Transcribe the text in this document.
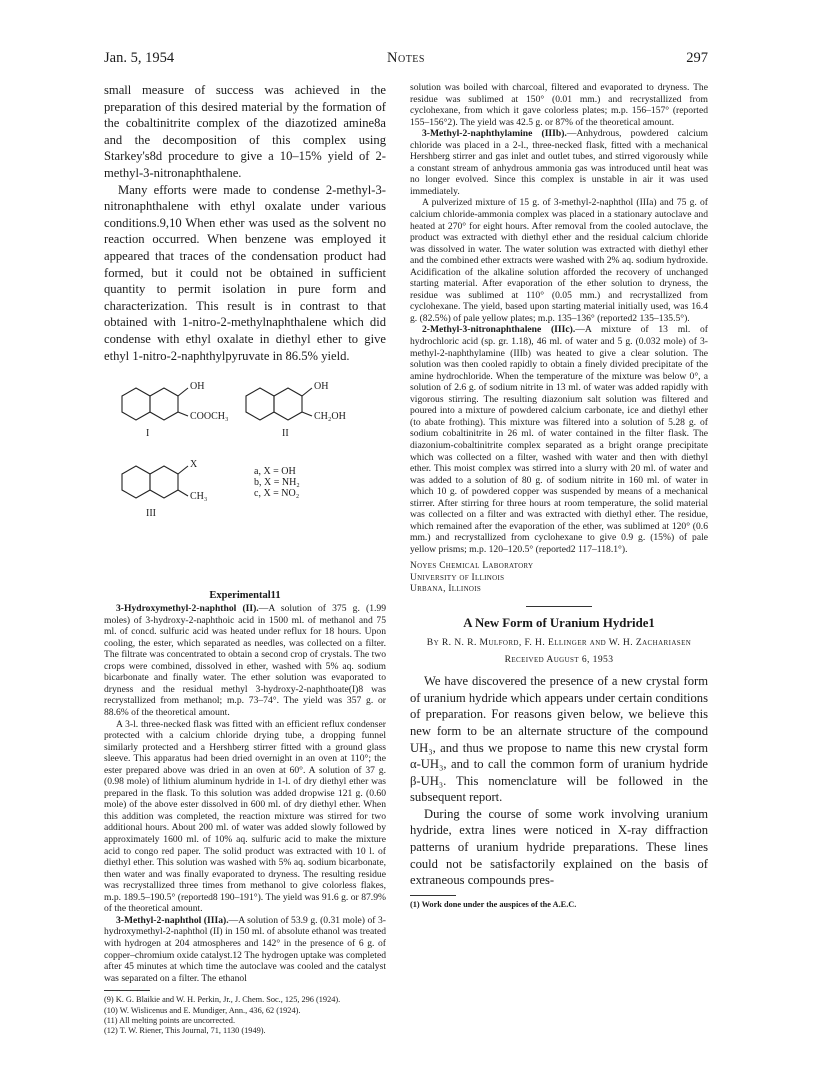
Jan. 5, 1954	Notes	297

small measure of success was achieved in the preparation of this desired material by the formation of the cobaltinitrite complex of the diazotized amine8a and the decomposition of this complex using Starkey's8d procedure to give a 10–15% yield of 2-methyl-3-nitronaphthalene.

Many efforts were made to condense 2-methyl-3-nitronaphthalene with ethyl oxalate under various conditions.9,10 When ether was used as the solvent no reaction occurred. When benzene was employed it appeared that traces of the condensation product had formed, but it could not be obtained in sufficient quantity to permit isolation in pure form and characterization. This result is in contrast to that obtained with 1-nitro-2-methylnaphthalene which did condense with ethyl oxalate in diethyl ether to give ethyl 1-nitro-2-naphthylpyruvate in 86.5% yield.

OH
COOCH₃
I
OH
CH₂OH
II
X
CH₃
III
a, X = OH
b, X = NH₂
c, X = NO₂
Experimental11

3-Hydroxymethyl-2-naphthol (II).—A solution of 375 g. (1.99 moles) of 3-hydroxy-2-naphthoic acid in 1500 ml. of methanol and 75 ml. of concd. sulfuric acid was heated under reflux for 18 hours. Upon cooling, the ester, which separated as needles, was collected on a filter. The filtrate was concentrated to obtain a second crop of crystals. The two crops were combined, dissolved in ether, washed with 5% aq. sodium bicarbonate and finally water. The ether solution was evaporated to dryness and the residual methyl 3-hydroxy-2-naphthoate(I)8 was recrystallized from methanol; m.p. 73–74°. The yield was 357 g. or 88.6% of the theoretical amount.

A 3-l. three-necked flask was fitted with an efficient reflux condenser protected with a calcium chloride drying tube, a dropping funnel similarly protected and a Hershberg stirrer fitted with a ground glass sleeve. This apparatus had been dried overnight in an oven at 110°; the ester prepared above was dried in an oven at 60°. A solution of 37 g. (0.98 mole) of lithium aluminum hydride in 1-l. of dry diethyl ether was prepared in the flask. To this solution was added dropwise 121 g. (0.60 mole) of the above ester dissolved in 600 ml. of dry diethyl ether. When this addition was completed, the reaction mixture was stirred for two additional hours. About 200 ml. of water was added slowly followed by approximately 1600 ml. of 10% aq. sulfuric acid to make the mixture acid to congo red paper. The solid product was extracted with 10 l. of diethyl ether. This solution was washed with 5% aq. sodium bicarbonate, then water and was finally evaporated to dryness. The resulting residue was recrystallized three times from methanol to give colorless flakes, m.p. 189.5–190.5° (reported8 190–191°). The yield was 91.6 g. or 87.9% of the theoretical amount.

3-Methyl-2-naphthol (IIIa).—A solution of 53.9 g. (0.31 mole) of 3-hydroxymethyl-2-naphthol (II) in 150 ml. of absolute ethanol was treated with hydrogen at 204 atmospheres and 142° in the presence of 6 g. of copper–chromium oxide catalyst.12 The hydrogen uptake was completed after 45 minutes at which time the autoclave was cooled and the catalyst was separated on a filter. The ethanol

(9) K. G. Blaikie and W. H. Perkin, Jr., J. Chem. Soc., 125, 296 (1924).
(10) W. Wislicenus and E. Mundiger, Ann., 436, 62 (1924).
(11) All melting points are uncorrected.
(12) T. W. Riener, This Journal, 71, 1130 (1949).

solution was boiled with charcoal, filtered and evaporated to dryness. The residue was sublimed at 150° (0.01 mm.) and recrystallized from cyclohexane, from which it gave colorless plates; m.p. 156–157° (reported 155–156°2). The yield was 42.5 g. or 87% of the theoretical amount.

3-Methyl-2-naphthylamine (IIIb).—Anhydrous, powdered calcium chloride was placed in a 2-l., three-necked flask, fitted with a mechanical Hershberg stirrer and gas inlet and outlet tubes, and stirred vigorously while a constant stream of anhydrous ammonia gas was introduced until heat was no longer evolved. Since this complex is unstable in air it was used immediately.

A pulverized mixture of 15 g. of 3-methyl-2-naphthol (IIIa) and 75 g. of calcium chloride-ammonia complex was placed in a stationary autoclave and heated at 270° for eight hours. After removal from the cooled autoclave, the product was extracted with diethyl ether and the residual calcium chloride was dissolved in water. The water solution was extracted with diethyl ether and the combined ether extracts were washed with 2% aq. sodium hydroxide. Acidification of the alkaline solution afforded the recovery of unchanged starting material. After evaporation of the ether solution to dryness, the residue was sublimed at 110° (0.05 mm.) and recrystallized from cyclohexane. The yield, based upon starting material initially used, was 16.4 g. (82.5%) of pale yellow plates; m.p. 135–136° (reported2 135–135.5°).

2-Methyl-3-nitronaphthalene (IIIc).—A mixture of 13 ml. of hydrochloric acid (sp. gr. 1.18), 46 ml. of water and 5 g. (0.032 mole) of 3-methyl-2-naphthylamine (IIIb) was heated to give a clear solution. The solution was then cooled rapidly to obtain a finely divided precipitate of the amine hydrochloride. When the temperature of the mixture was below 0°, a solution of 2.6 g. of sodium nitrite in 13 ml. of water was added rapidly with vigorous stirring. The resulting diazonium salt solution was filtered and poured into a mixture of powdered calcium carbonate, ice and diethyl ether (to abate frothing). This mixture was filtered into a solution of 5.28 g. of sodium cobaltinitrite in 26 ml. of water contained in the filter flask. The diazonium-cobaltinitrite complex separated as a bright orange precipitate which was collected on a filter, washed with water and then with diethyl ether. This moist complex was stirred into a slurry with 20 ml. of water and was added to a solution of 80 g. of sodium nitrite in 160 ml. of water in which 10 g. of powdered copper was suspended by means of a mechanical stirrer. After stirring for three hours at room temperature, the solid material was collected on a filter and was extracted with diethyl ether. The residue, which remained after the evaporation of the ether, was sublimed at 120° (0.6 mm.) and recrystallized from cyclohexane to give 0.9 g. (15%) of pale yellow prisms; m.p. 120–120.5° (reported2 117–118.1°).

Noyes Chemical Laboratory
University of Illinois
Urbana, Illinois
A New Form of Uranium Hydride1
By R. N. R. Mulford, F. H. Ellinger and W. H. Zachariasen
Received August 6, 1953

We have discovered the presence of a new crystal form of uranium hydride which appears under certain conditions of preparation. For reasons given below, we believe this new form to be an alternate structure of the compound UH₃, and thus we propose to name this new crystal form α-UH₃, and to call the common form of uranium hydride β-UH₃. This nomenclature will be followed in the subsequent report.

During the course of some work involving uranium hydride, extra lines were noticed in X-ray diffraction patterns of uranium hydride preparations. These lines could not be satisfactorily explained on the basis of extraneous compounds pres-

(1) Work done under the auspices of the A.E.C.
